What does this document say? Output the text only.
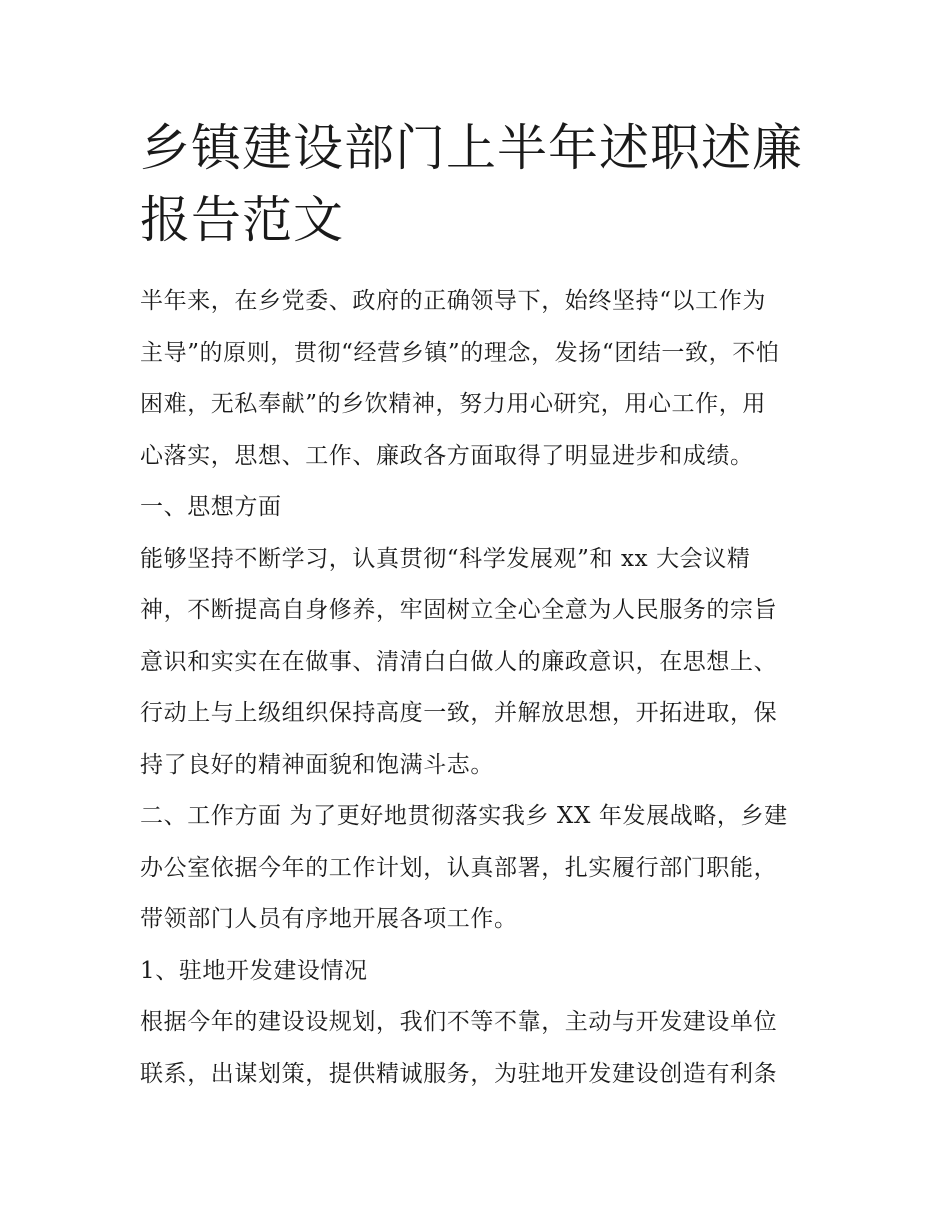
乡镇建设部门上半年述职述廉
报告范文
半年来，在乡党委、政府的正确领导下，始终坚持“以工作为
主导”的原则，贯彻“经营乡镇”的理念，发扬“团结一致，不怕
困难，无私奉献”的乡饮精神，努力用心研究，用心工作，用
心落实，思想、工作、廉政各方面取得了明显进步和成绩。
一、思想方面
能够坚持不断学习，认真贯彻“科学发展观”和 xx 大会议精
神，不断提高自身修养，牢固树立全心全意为人民服务的宗旨
意识和实实在在做事、清清白白做人的廉政意识，在思想上、
行动上与上级组织保持高度一致，并解放思想，开拓进取，保
持了良好的精神面貌和饱满斗志。
二、工作方面 为了更好地贯彻落实我乡 XX 年发展战略，乡建
办公室依据今年的工作计划，认真部署，扎实履行部门职能，
带领部门人员有序地开展各项工作。
1、驻地开发建设情况
根据今年的建设设规划，我们不等不靠，主动与开发建设单位
联系，出谋划策，提供精诚服务，为驻地开发建设创造有利条
